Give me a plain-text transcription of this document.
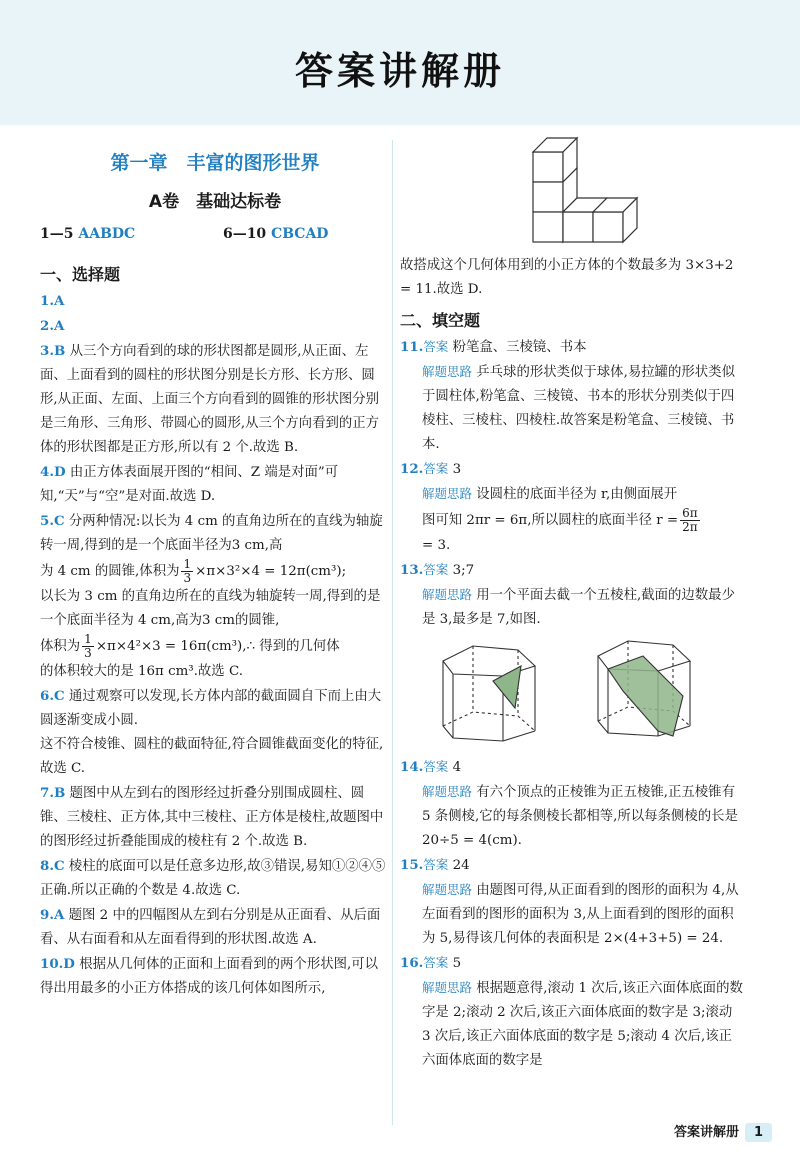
答案讲解册
第一章　丰富的图形世界
A卷　基础达标卷
1—5 AABDC	6—10 CBCAD
一、选择题

1.A

2.A

3.B 从三个方向看到的球的形状图都是圆形,从正面、左面、上面看到的圆柱的形状图分别是长方形、长方形、圆形,从正面、左面、上面三个方向看到的圆锥的形状图分别是三角形、三角形、带圆心的圆形,从三个方向看到的正方体的形状图都是正方形,所以有 2 个.故选 B.

4.D 由正方体表面展开图的“相间、Z 端是对面”可知,“天”与“空”是对面.故选 D.

5.C 分两种情况:以长为 4 cm 的直角边所在的直线为轴旋转一周,得到的是一个底面半径为3 cm,高
为 4 cm 的圆锥,体积为 $\frac{1}{3} \times\pi\times 3^2\times 4 = 12\pi(cm^3)$;
以长为 3 cm 的直角边所在的直线为轴旋转一周,得到的是一个底面半径为 4 cm,高为3 cm的圆锥,
体积为 $\frac{1}{3} \times\pi\times 4^2\times 3$ = 16π(cm³),∴ 得到的几何体
的体积较大的是 16π cm³.故选 C.

6.C 通过观察可以发现,长方体内部的截面圆自下而上由大圆逐渐变成小圆.
这不符合棱锥、圆柱的截面特征,符合圆锥截面变化的特征,故选 C.

7.B 题图中从左到右的图形经过折叠分别围成圆柱、圆锥、三棱柱、正方体,其中三棱柱、正方体是棱柱,故题图中的图形经过折叠能围成的棱柱有 2 个.故选 B.

8.C 棱柱的底面可以是任意多边形,故③错误,易知①②④⑤正确.所以正确的个数是 4.故选 C.

9.A 题图 2 中的四幅图从左到右分别是从正面看、从后面看、从右面看和从左面看得到的形状图.故选 A.

10.D 根据从几何体的正面和上面看到的两个形状图,可以得出用最多的小正方体搭成的该几何体如图所示,

故搭成这个几何体用到的小正方体的个数最多为 3×3+2 = 11.故选 D.

二、填空题

11.答案 粉笔盒、三棱镜、书本

解题思路 乒乓球的形状类似于球体,易拉罐的形状类似于圆柱体,粉笔盒、三棱镜、书本的形状分别类似于四棱柱、三棱柱、四棱柱.故答案是粉笔盒、三棱镜、书本.

12.答案 3

解题思路 设圆柱的底面半径为 r,由侧面展开
图可知 2πr = 6π,所以圆柱的底面半径 $r = \frac{6\pi}{2\pi}$

= 3.

13.答案 3;7

解题思路 用一个平面去截一个五棱柱,截面的边数最少是 3,最多是 7,如图.

14.答案 4

解题思路 有六个顶点的正棱锥为正五棱锥,正五棱锥有 5 条侧棱,它的每条侧棱长都相等,所以每条侧棱的长是 20÷5 = 4(cm).

15.答案 24

解题思路 由题图可得,从正面看到的图形的面积为 4,从左面看到的图形的面积为 3,从上面看到的图形的面积为 5,易得该几何体的表面积是 2×(4+3+5) = 24.

16.答案 5

解题思路 根据题意得,滚动 1 次后,该正六面体底面的数字是 2;滚动 2 次后,该正六面体底面的数字是 3;滚动 3 次后,该正六面体底面的数字是 5;滚动 4 次后,该正六面体底面的数字是

答案讲解册 1
